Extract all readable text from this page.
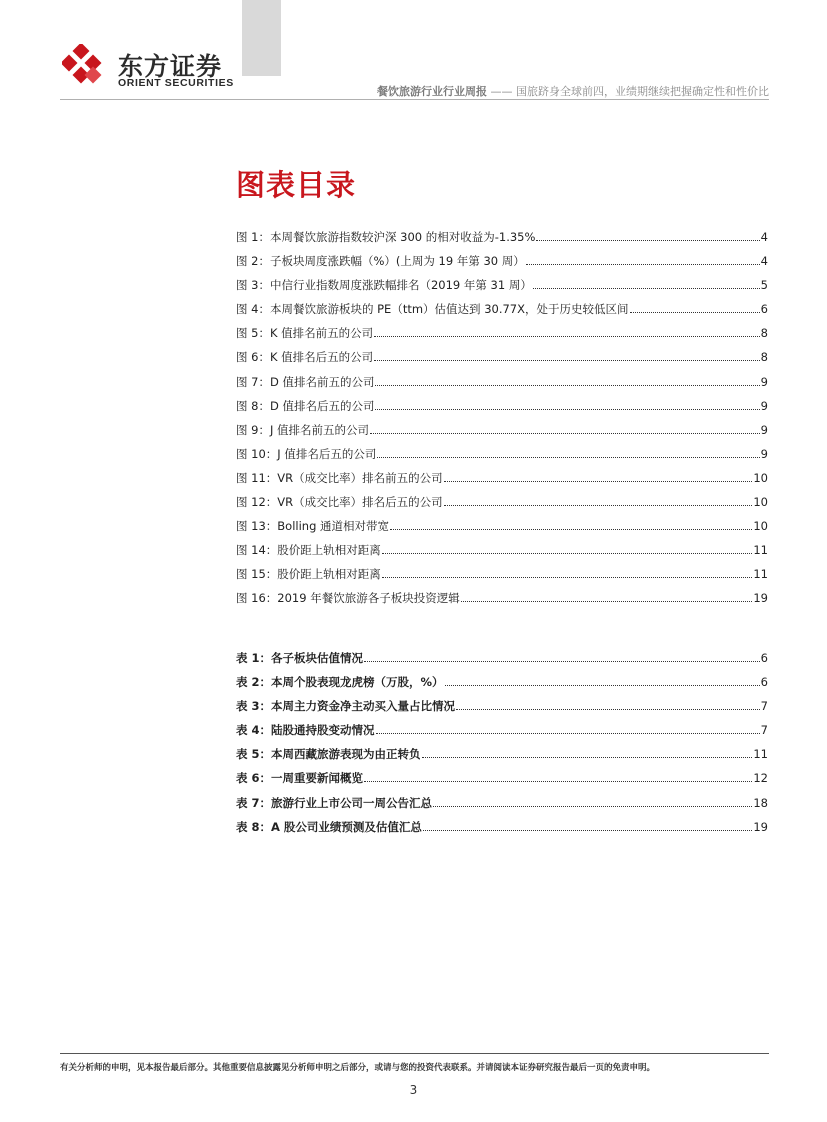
东方证券
ORIENT SECURITIES
餐饮旅游行业行业周报 —— 国旅跻身全球前四，业绩期继续把握确定性和性价比
图表目录
图 1：本周餐饮旅游指数较沪深 300 的相对收益为-1.35%	4
图 2：子板块周度涨跌幅（%）(上周为 19 年第 30 周）	4
图 3：中信行业指数周度涨跌幅排名（2019 年第 31 周）	5
图 4：本周餐饮旅游板块的 PE（ttm）估值达到 30.77X，处于历史较低区间	6
图 5：K 值排名前五的公司	8
图 6：K 值排名后五的公司	8
图 7：D 值排名前五的公司	9
图 8：D 值排名后五的公司	9
图 9：J 值排名前五的公司	9
图 10：J 值排名后五的公司	9
图 11：VR（成交比率）排名前五的公司	10
图 12：VR（成交比率）排名后五的公司	10
图 13：Bolling 通道相对带宽	10
图 14：股价距上轨相对距离	11
图 15：股价距上轨相对距离	11
图 16：2019 年餐饮旅游各子板块投资逻辑	19
表 1：各子板块估值情况	6
表 2：本周个股表现龙虎榜（万股，%）	6
表 3：本周主力资金净主动买入量占比情况	7
表 4：陆股通持股变动情况	7
表 5：本周西藏旅游表现为由正转负	11
表 6：一周重要新闻概览	12
表 7：旅游行业上市公司一周公告汇总	18
表 8：A 股公司业绩预测及估值汇总	19
有关分析师的申明，见本报告最后部分。其他重要信息披露见分析师申明之后部分，或请与您的投资代表联系。并请阅读本证券研究报告最后一页的免责申明。
3
